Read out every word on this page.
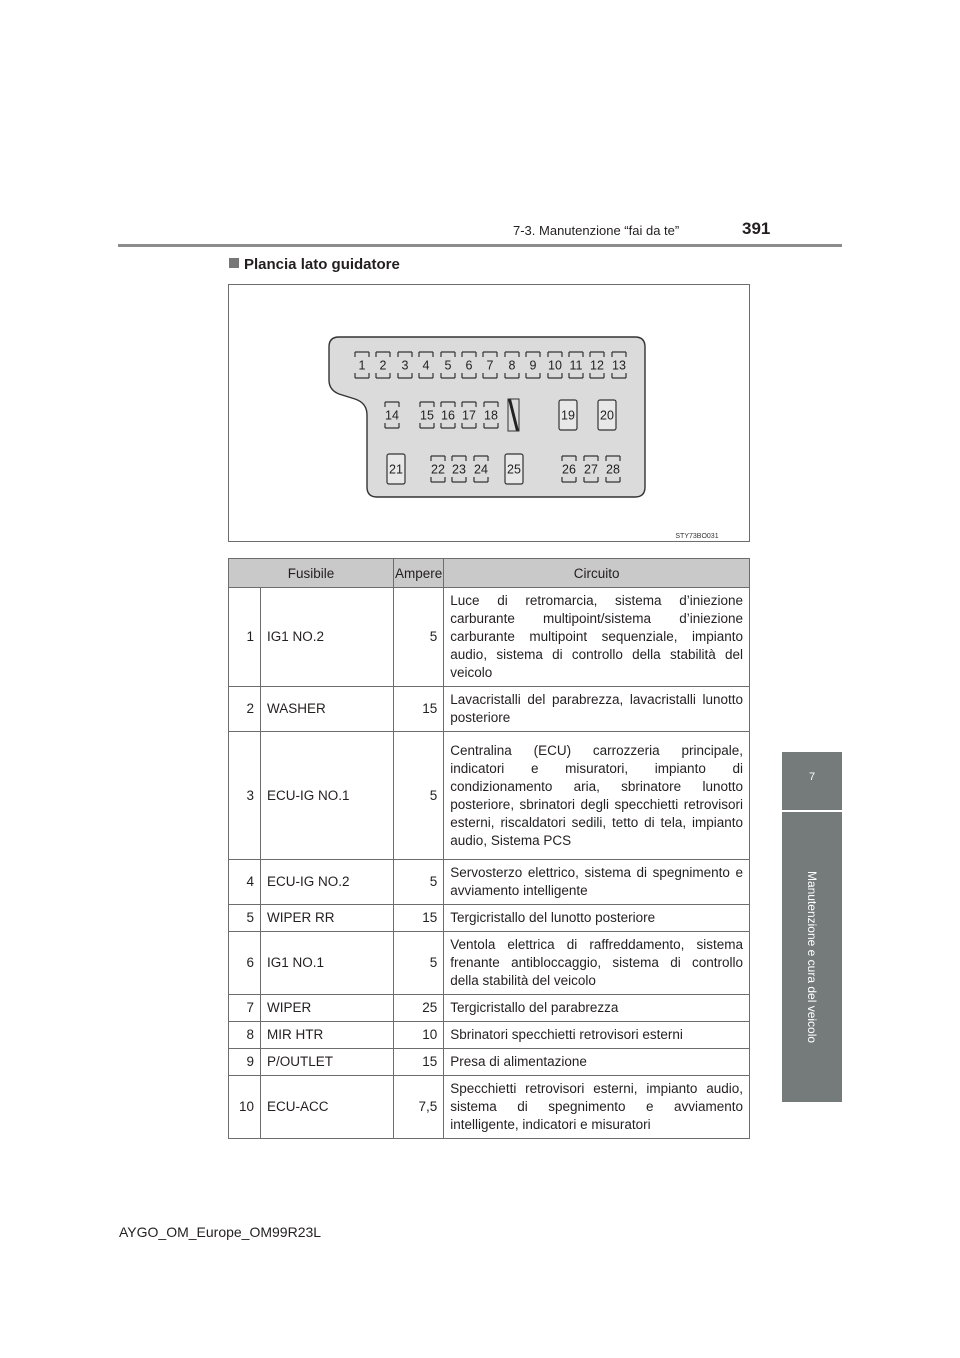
7-3. Manutenzione “fai da te”	391
7
Manutenzione e cura del veicolo
Plancia lato guidatore
1 2 3 4 5 6 7 8 9 10 11 12 13
14 15 16 17 18	19 20
21 22 23 24 25	26 27 28
STY73BO031
Fusibile		Ampere	Circuito
1	IG1 NO.2	5	Luce di retromarcia, sistema d’iniezione carburante multipoint/sistema d’iniezione carburante multipoint sequenziale, impianto audio, sistema di controllo della stabilità del veicolo
2	WASHER	15	Lavacristalli del parabrezza, lavacristalli lunotto posteriore
3	ECU-IG NO.1	5	Centralina (ECU) carrozzeria principale, indicatori e misuratori, impianto di condizionamento aria, sbrinatore lunotto posteriore, sbrinatori degli specchietti retrovisori esterni, riscaldatori sedili, tetto di tela, impianto audio, Sistema PCS
4	ECU-IG NO.2	5	Servosterzo elettrico, sistema di spegnimento e avviamento intelligente
5	WIPER RR	15	Tergicristallo del lunotto posteriore
6	IG1 NO.1	5	Ventola elettrica di raffreddamento, sistema frenante antibloccaggio, sistema di controllo della stabilità del veicolo
7	WIPER	25	Tergicristallo del parabrezza
8	MIR HTR	10	Sbrinatori specchietti retrovisori esterni
9	P/OUTLET	15	Presa di alimentazione
10	ECU-ACC	7,5	Specchietti retrovisori esterni, impianto audio, sistema di spegnimento e avviamento intelligente, indicatori e misuratori
AYGO_OM_Europe_OM99R23L
